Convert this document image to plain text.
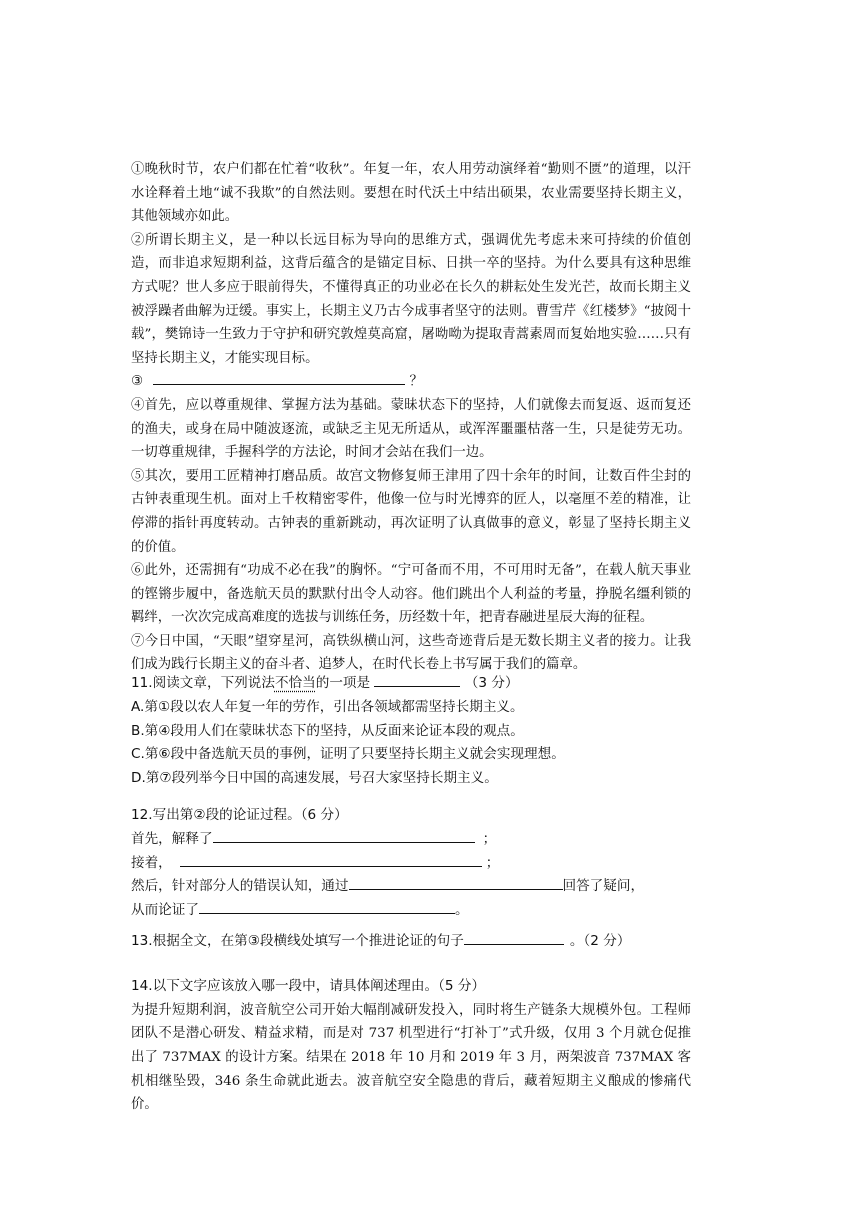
①晚秋时节，农户们都在忙着“收秋”。年复一年，农人用劳动演绎着“勤则不匮”的道理，以汗水诠释着土地“诚不我欺”的自然法则。要想在时代沃土中结出硕果，农业需要坚持长期主义，其他领域亦如此。

②所谓长期主义，是一种以长远目标为导向的思维方式，强调优先考虑未来可持续的价值创造，而非追求短期利益，这背后蕴含的是锚定目标、日拱一卒的坚持。为什么要具有这种思维方式呢？世人多应于眼前得失，不懂得真正的功业必在长久的耕耘处生发光芒，故而长期主义被浮躁者曲解为迂缓。事实上，长期主义乃古今成事者坚守的法则。曹雪芹《红楼梦》“披阅十载”，樊锦诗一生致力于守护和研究敦煌莫高窟，屠呦呦为提取青蒿素周而复始地实验……只有坚持长期主义，才能实现目标。

③	？

④首先，应以尊重规律、掌握方法为基础。蒙昧状态下的坚持，人们就像去而复返、返而复还的渔夫，或身在局中随波逐流，或缺乏主见无所适从，或浑浑噩噩枯落一生，只是徒劳无功。一切尊重规律，手握科学的方法论，时间才会站在我们一边。

⑤其次，要用工匠精神打磨品质。故宫文物修复师王津用了四十余年的时间，让数百件尘封的古钟表重现生机。面对上千枚精密零件，他像一位与时光博弈的匠人，以毫厘不差的精准，让停滞的指针再度转动。古钟表的重新跳动，再次证明了认真做事的意义，彰显了坚持长期主义的价值。

⑥此外，还需拥有“功成不必在我”的胸怀。“宁可备而不用，不可用时无备”，在载人航天事业的铿锵步履中，备选航天员的默默付出令人动容。他们跳出个人利益的考量，挣脱名缰利锁的羁绊，一次次完成高难度的选拔与训练任务，历经数十年，把青春融进星辰大海的征程。

⑦今日中国，“天眼”望穿星河，高铁纵横山河，这些奇迹背后是无数长期主义者的接力。让我们成为践行长期主义的奋斗者、追梦人，在时代长卷上书写属于我们的篇章。

11.阅读文章，下列说法不恰当的一项是	（3 分）

A.第①段以农人年复一年的劳作，引出各领域都需坚持长期主义。

B.第④段用人们在蒙昧状态下的坚持，从反面来论证本段的观点。

C.第⑥段中备选航天员的事例，证明了只要坚持长期主义就会实现理想。

D.第⑦段列举今日中国的高速发展，号召大家坚持长期主义。

12.写出第②段的论证过程。（6 分）

首先，解释了	；

接着，	；

然后，针对部分人的错误认知，通过	回答了疑问，

从而论证了	。

13.根据全文，在第③段横线处填写一个推进论证的句子	。（2 分）

14.以下文字应该放入哪一段中，请具体阐述理由。（5 分）

为提升短期利润，波音航空公司开始大幅削减研发投入，同时将生产链条大规模外包。工程师团队不是潜心研发、精益求精，而是对 737 机型进行“打补丁”式升级，仅用 3 个月就仓促推出了 737MAX 的设计方案。结果在 2018 年 10 月和 2019 年 3 月，两架波音 737MAX 客机相继坠毁，346 条生命就此逝去。波音航空安全隐患的背后，藏着短期主义酿成的惨痛代价。
